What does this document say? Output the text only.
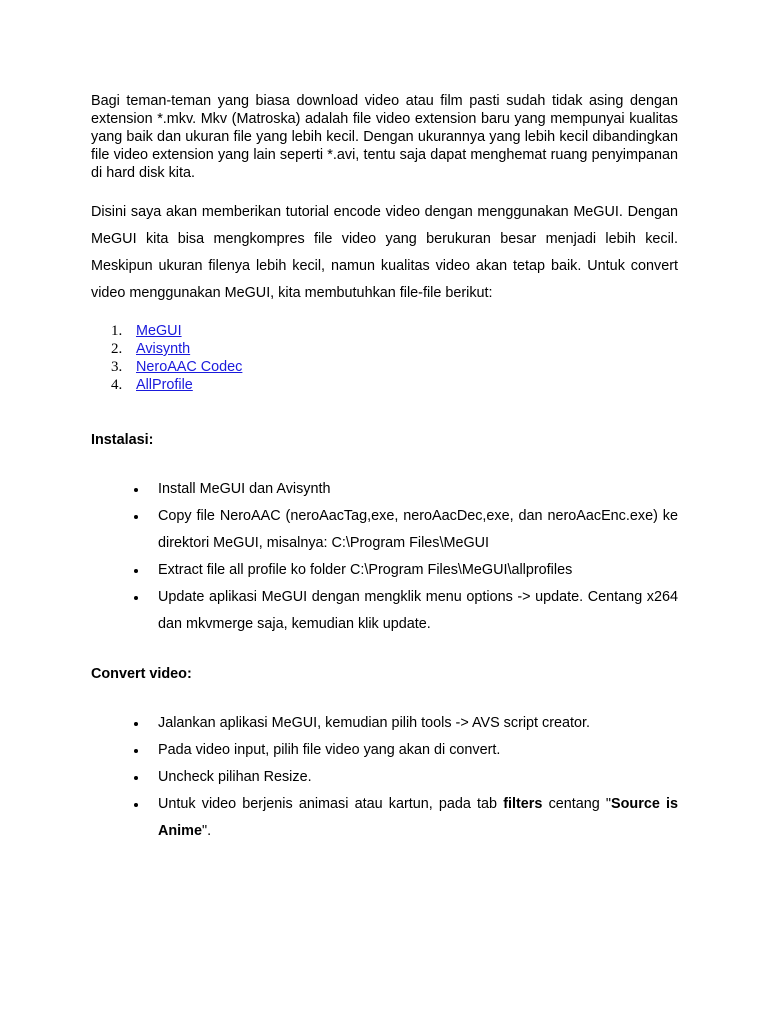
Bagi teman-teman yang biasa download video atau film pasti sudah tidak asing dengan extension *.mkv. Mkv (Matroska) adalah file video extension baru yang mempunyai kualitas yang baik dan ukuran file yang lebih kecil. Dengan ukurannya yang lebih kecil dibandingkan file video extension yang lain seperti *.avi, tentu saja dapat menghemat ruang penyimpanan di hard disk kita.

Disini saya akan memberikan tutorial encode video dengan menggunakan MeGUI. Dengan MeGUI kita bisa mengkompres file video yang berukuran besar menjadi lebih kecil. Meskipun ukuran filenya lebih kecil, namun kualitas video akan tetap baik. Untuk convert video menggunakan MeGUI, kita membutuhkan file-file berikut:

1. MeGUI
2. Avisynth
3. NeroAAC Codec
4. AllProfile

Instalasi:

Install MeGUI dan Avisynth
Copy file NeroAAC (neroAacTag,exe, neroAacDec,exe, dan neroAacEnc.exe) ke direktori MeGUI, misalnya: C:\Program Files\MeGUI
Extract file all profile ko folder C:\Program Files\MeGUI\allprofiles
Update aplikasi MeGUI dengan mengklik menu options -> update. Centang x264 dan mkvmerge saja, kemudian klik update.

Convert video:

Jalankan aplikasi MeGUI, kemudian pilih tools -> AVS script creator.
Pada video input, pilih file video yang akan di convert.
Uncheck pilihan Resize.
Untuk video berjenis animasi atau kartun, pada tab filters centang "Source is Anime".
